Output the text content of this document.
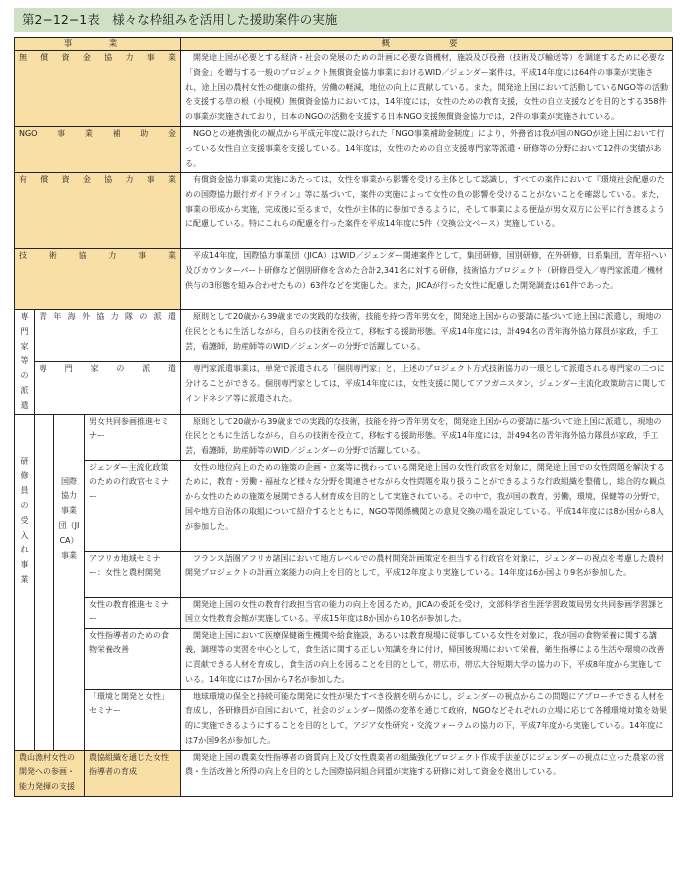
第2−12−1表　様々な枠組みを活用した援助案件の実施
事　業				概　　要
無償資金協力事業				開発途上国が必要とする経済・社会の発展のための計画に必要な資機材，施設及び役務（技術及び輸送等）を調達するために必要な「資金」を贈与する一般のプロジェクト無償資金協力事業におけるWID／ジェンダー案件は，平成14年度には64件の事業が実施され，途上国の農村女性の健康の維持，労働の軽減，地位の向上に貢献している。また，開発途上国において活動しているNGO等の活動を支援する草の根（小規模）無償資金協力においては，14年度には，女性のための教育支援，女性の自立支援などを目的とする358件の事業が実施されており，日本のNGOの活動を支援する日本NGO支援無償資金協力では，2件の事業が実施されている。
NGO事業補助金				NGOとの連携強化の観点から平成元年度に設けられた「NGO事業補助金制度」により，外務省は我が国のNGOが途上国において行っている女性自立支援事業を支援している。14年度は，女性のための自立支援専門家等派遣・研修等の分野において12件の実績がある。
有償資金協力事業				有償資金協力事業の実施にあたっては，女性を事業から影響を受ける主体として認識し，すべての案件において『環境社会配慮のための国際協力銀行ガイドライン』等に基づいて，案件の実施によって女性の負の影響を受けることがないことを確認している。また，事業の形成から実施，完成後に至るまで，女性が主体的に参加できるように，そして事業による便益が男女双方に公平に行き渡るように配慮している。特にこれらの配慮を行った案件を平成14年度に5件（交換公文ベース）実施している。
技術協力事業				平成14年度，国際協力事業団（JICA）はWID／ジェンダー関連案件として，集団研修，国別研修，在外研修，日系集団，青年招へい及びカウンターパート研修など個別研修を含めた合計2,341名に対する研修，技術協力プロジェクト（研修員受入／専門家派遣／機材供与の3形態を組み合わせたもの）63件などを実施した。また，JICAが行った女性に配慮した開発調査は61件であった。

専門家等の派遣	青年海外協力隊の派遣			原則として20歳から39歳までの実践的な技術，技能を持つ青年男女を，開発途上国からの要請に基づいて途上国に派遣し，現地の住民とともに生活しながら，自らの技術を役立て，移転する援助形態。平成14年度には，計494名の青年海外協力隊員が家政，手工芸，看護師，助産師等のWID／ジェンダーの分野で活躍している。
	専門家の派遣			専門家派遣事業は，単発で派遣される「個別専門家」と，上述のプロジェクト方式技術協力の一環として派遣される専門家の二つに分けることができる。個別専門家としては，平成14年度には，女性支援に関してアフガニスタン，ジェンダー主流化政策助言に関してインドネシア等に派遣された。

研修員の受入れ事業		国際協力事業団（JICA）事業	男女共同参画推進セミナー	原則として20歳から39歳までの実践的な技術，技能を持つ青年男女を，開発途上国からの要請に基づいて途上国に派遣し，現地の住民とともに生活しながら，自らの技術を役立て，移転する援助形態。平成14年度には，計494名の青年海外協力隊員が家政，手工芸，看護師，助産師等のWID／ジェンダーの分野で活躍している。
			ジェンダー主流化政策のための行政官セミナー	女性の地位向上のための施策の企画・立案等に携わっている開発途上国の女性行政官を対象に，開発途上国での女性問題を解決するために，教育・労働・福祉など様々な分野を関連させながら女性問題を取り扱うことができるような行政組織を整備し，総合的な観点から女性のための施策を展開できる人材育成を目的として実施されている。その中で，我が国の教育，労働，環境，保健等の分野で，国や地方自治体の取組について紹介するとともに，NGO等関係機関との意見交換の場を設定している。平成14年度には8か国から8人が参加した。
			アフリカ地域セミナー：女性と農村開発	フランス語圏アフリカ諸国において地方レベルでの農村開発計画策定を担当する行政官を対象に，ジェンダーの視点を考慮した農村開発プロジェクトの計画立案能力の向上を目的として，平成12年度より実施している。14年度は6か国より9名が参加した。
			女性の教育推進セミナー	開発途上国の女性の教育行政担当官の能力の向上を図るため，JICAの委託を受け，文部科学省生涯学習政策局男女共同参画学習課と国立女性教育会館が実施している。平成15年度は8か国から10名が参加した。
			女性指導者のための食物栄養改善	開発途上国において医療保健衛生機関や給食施設，あるいは教育現場に従事している女性を対象に，我が国の食物栄養に関する講義，調理等の実習を中心として，食生活に関する正しい知識を身に付け，帰国後現場において栄養，衛生指導による生活や環境の改善に貢献できる人材を育成し，食生活の向上を図ることを目的として，帯広市，帯広大谷短期大学の協力の下，平成8年度から実施している。14年度には7か国から7名が参加した。
			「環境と開発と女性」セミナー	地球環境の保全と持続可能な開発に女性が果たすべき役割を明らかにし，ジェンダーの視点からこの問題にアプローチできる人材を育成し，各研修員が自国において，社会のジェンダー関係の変革を通じて政府，NGOなどそれぞれの立場に応じて各種環境対策を効果的に実施できるようにすることを目的として，アジア女性研究・交流フォーラムの協力の下，平成7年度から実施している。14年度には7か国9名が参加した。
農山漁村女性の開発への参画・能力発揮の支援			農協組織を通じた女性指導者の育成	開発途上国の農業女性指導者の資質向上及び女性農業者の組織強化プロジェクト作成手法並びにジェンダーの視点に立った農家の営農・生活改善と所得の向上を目的とした国際協同組合同盟が実施する研修に対して資金を拠出している。
